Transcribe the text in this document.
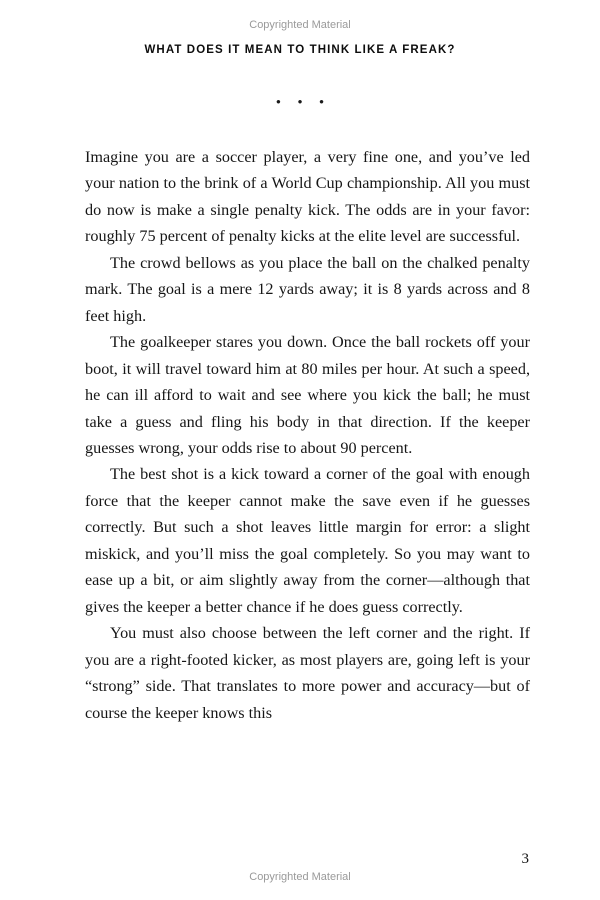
Copyrighted Material
WHAT DOES IT MEAN TO THINK LIKE A FREAK?
•••

Imagine you are a soccer player, a very fine one, and you’ve led your nation to the brink of a World Cup championship. All you must do now is make a single penalty kick. The odds are in your favor: roughly 75 percent of penalty kicks at the elite level are successful.

The crowd bellows as you place the ball on the chalked penalty mark. The goal is a mere 12 yards away; it is 8 yards across and 8 feet high.

The goalkeeper stares you down. Once the ball rockets off your boot, it will travel toward him at 80 miles per hour. At such a speed, he can ill afford to wait and see where you kick the ball; he must take a guess and fling his body in that direction. If the keeper guesses wrong, your odds rise to about 90 percent.

The best shot is a kick toward a corner of the goal with enough force that the keeper cannot make the save even if he guesses correctly. But such a shot leaves little margin for error: a slight miskick, and you’ll miss the goal completely. So you may want to ease up a bit, or aim slightly away from the corner—although that gives the keeper a better chance if he does guess correctly.

You must also choose between the left corner and the right. If you are a right-footed kicker, as most players are, going left is your “strong” side. That translates to more power and accuracy—but of course the keeper knows this

3
Copyrighted Material
